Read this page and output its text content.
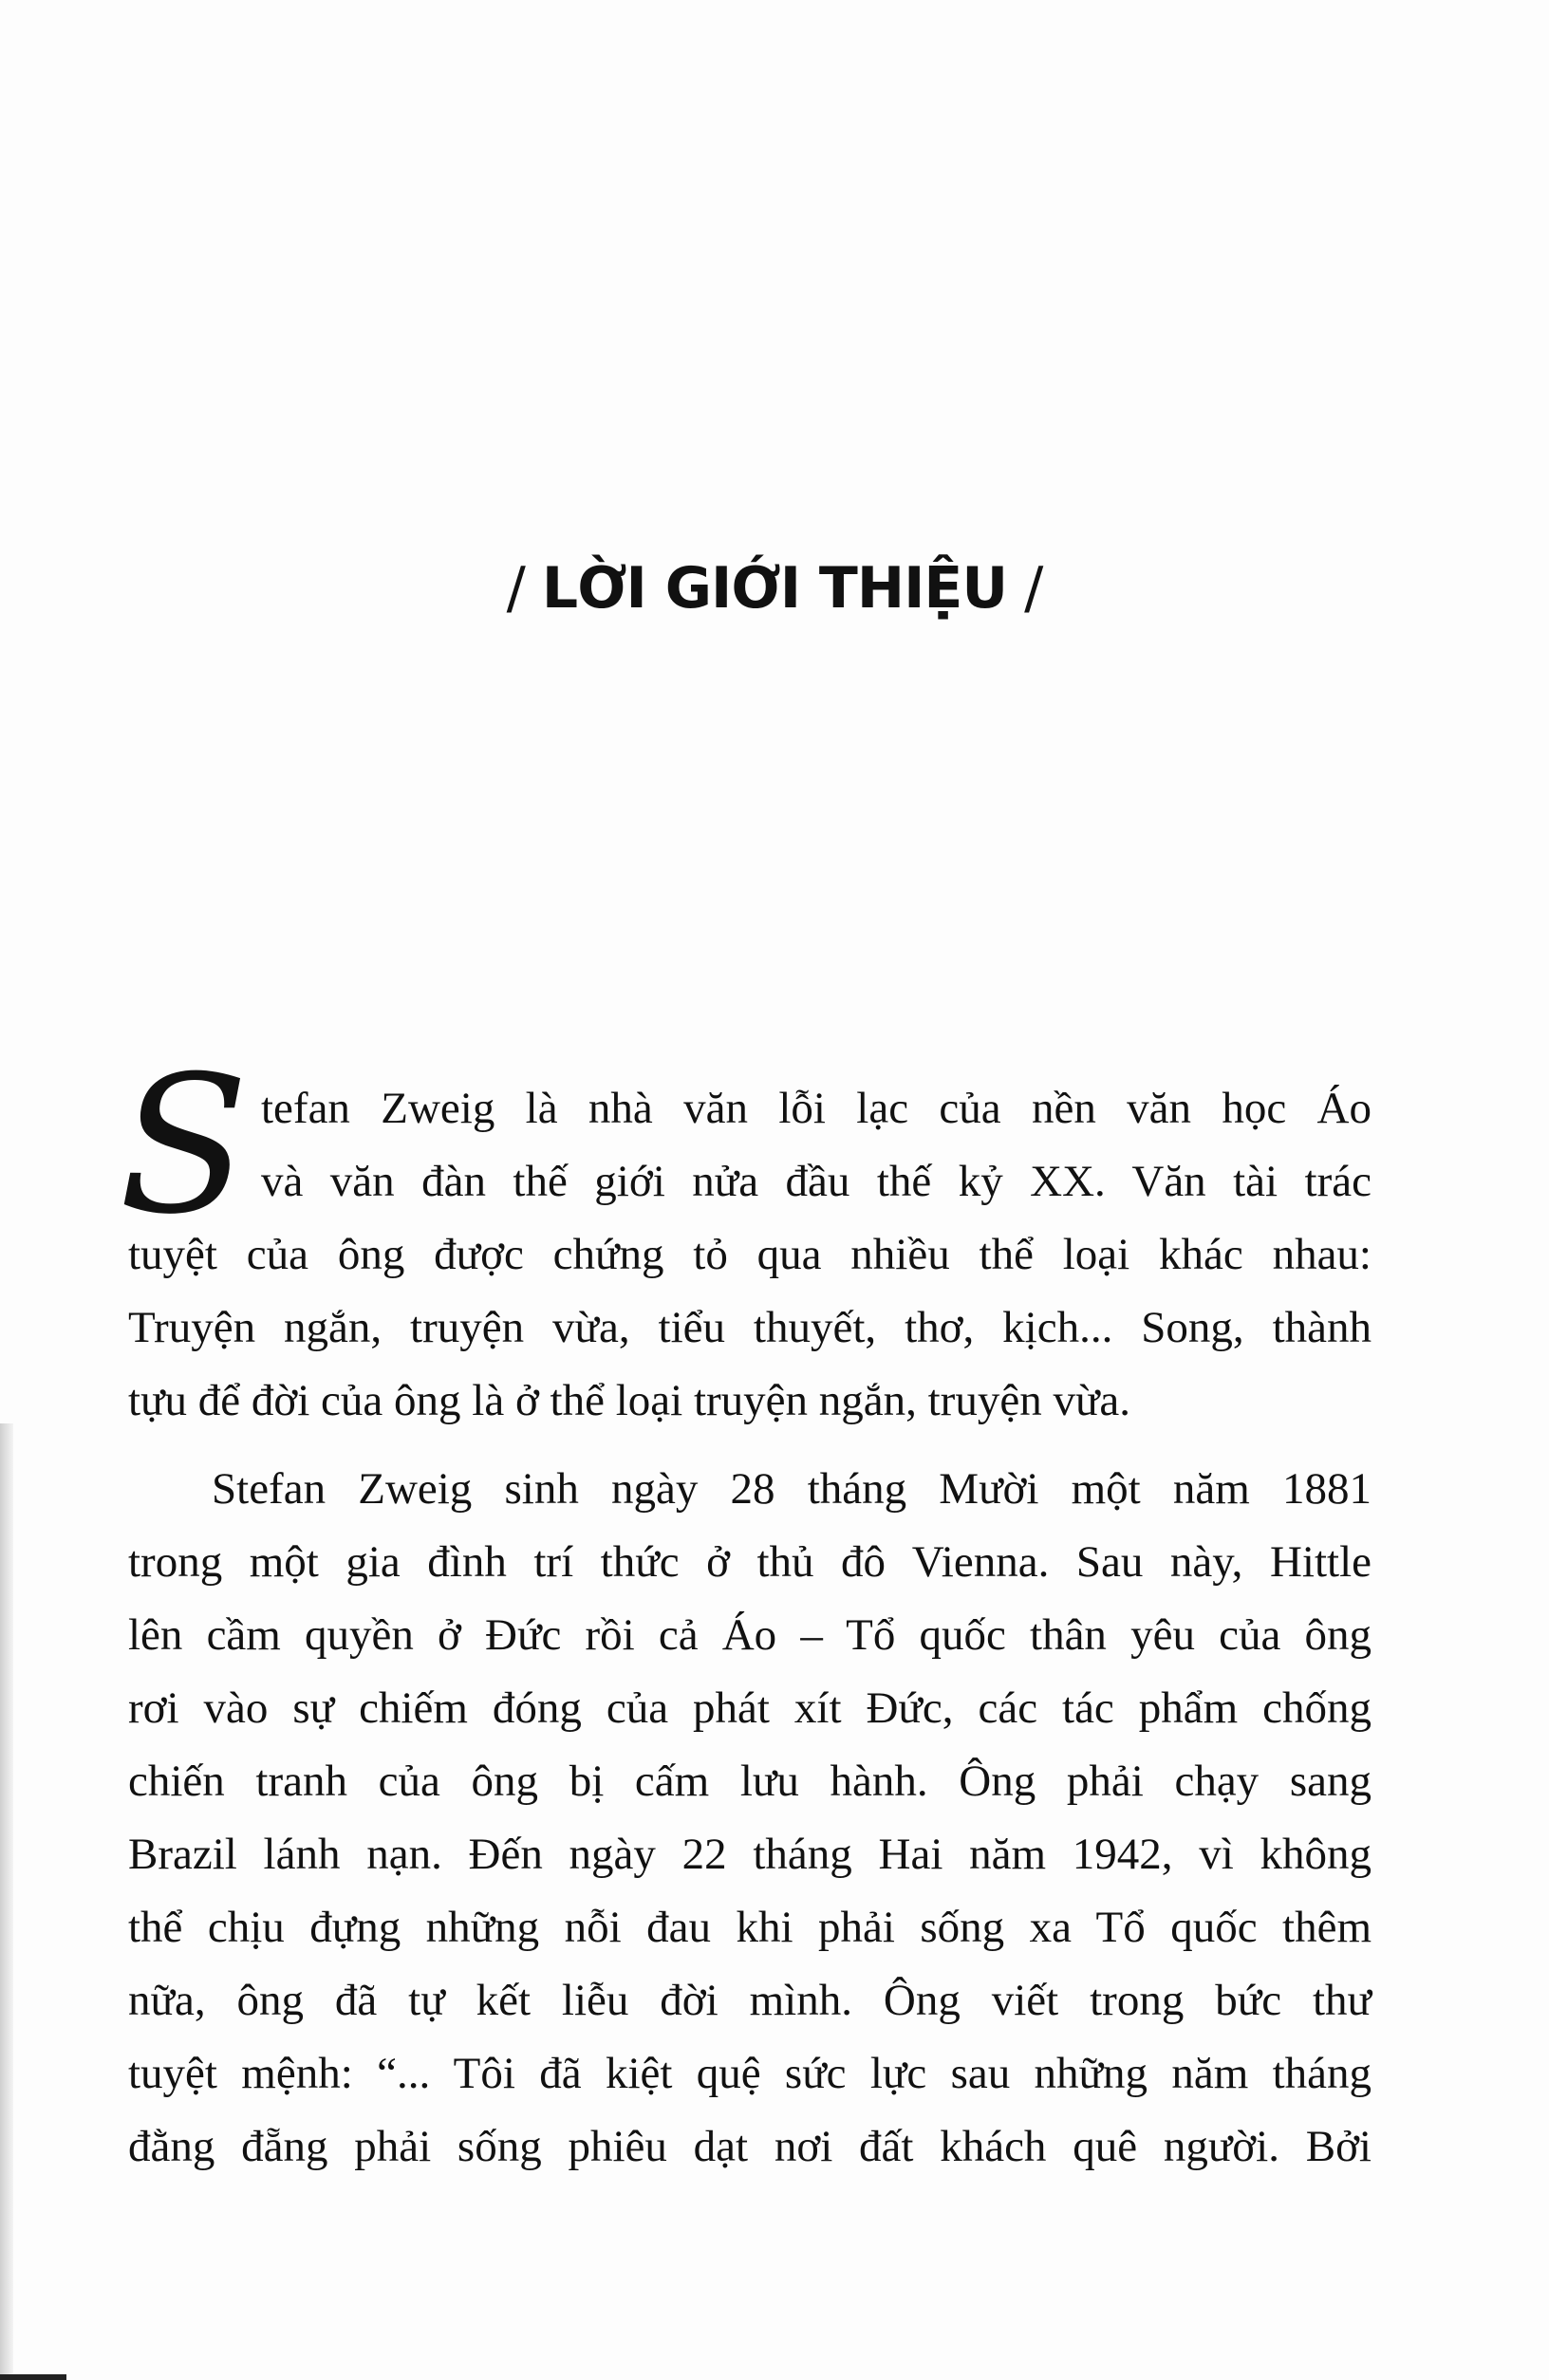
/ LỜI GIỚI THIỆU /
S tefan Zweig là nhà văn lỗi lạc của nền văn học Áo
và văn đàn thế giới nửa đầu thế kỷ XX. Văn tài trác
tuyệt của ông được chứng tỏ qua nhiều thể loại khác nhau:
Truyện ngắn, truyện vừa, tiểu thuyết, thơ, kịch... Song, thành
tựu để đời của ông là ở thể loại truyện ngắn, truyện vừa.
Stefan Zweig sinh ngày 28 tháng Mười một năm 1881
trong một gia đình trí thức ở thủ đô Vienna. Sau này, Hittle
lên cầm quyền ở Đức rồi cả Áo – Tổ quốc thân yêu của ông
rơi vào sự chiếm đóng của phát xít Đức, các tác phẩm chống
chiến tranh của ông bị cấm lưu hành. Ông phải chạy sang
Brazil lánh nạn. Đến ngày 22 tháng Hai năm 1942, vì không
thể chịu đựng những nỗi đau khi phải sống xa Tổ quốc thêm
nữa, ông đã tự kết liễu đời mình. Ông viết trong bức thư
tuyệt mệnh: “... Tôi đã kiệt quệ sức lực sau những năm tháng
đằng đẵng phải sống phiêu dạt nơi đất khách quê người. Bởi
